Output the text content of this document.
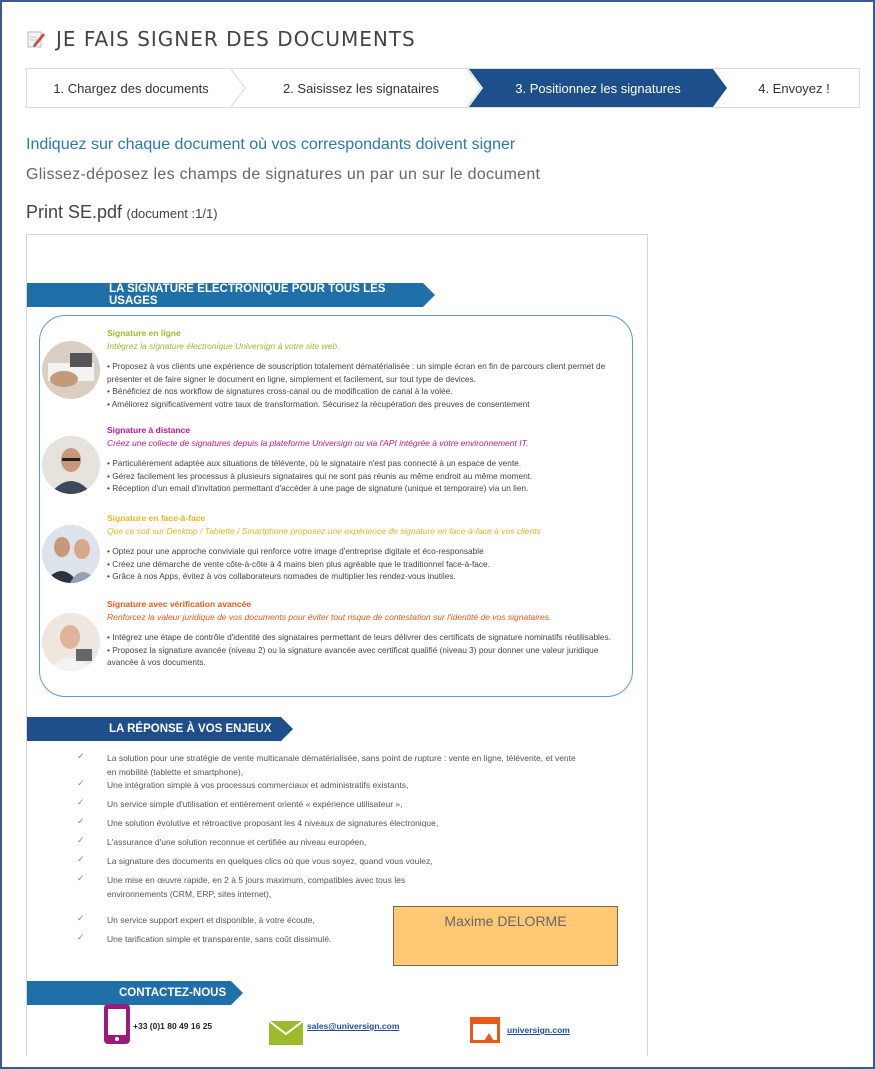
JE FAIS SIGNER DES DOCUMENTS
1. Chargez des documents	2. Saisissez les signataires	3. Positionnez les signatures	4. Envoyez !
Indiquez sur chaque document où vos correspondants doivent signer
Glissez-déposez les champs de signatures un par un sur le document
Print SE.pdf (document :1/1)
LA SIGNATURE ELECTRONIQUE POUR TOUS LES USAGES
Signature en ligne
Intégrez la signature électronique Universign à votre site web.
• Proposez à vos clients une expérience de souscription totalement dématérialisée : un simple écran en fin de parcours client permet de présenter et de faire signer le document en ligne, simplement et facilement, sur tout type de devices.
• Bénéficiez de nos workflow de signatures cross-canal ou de modification de canal à la volée.
• Améliorez significativement votre taux de transformation. Sécurisez la récupération des preuves de consentement
Signature à distance
Créez une collecte de signatures depuis la plateforme Universign ou via l'API intégrée à votre environnement IT.
• Particulièrement adaptée aux situations de télévente, où le signataire n'est pas connecté à un espace de vente.
• Gérez facilement les processus à plusieurs signataires qui ne sont pas réunis au même endroit au même moment.
• Réception d'un email d'invitation permettant d'accéder à une page de signature (unique et temporaire) via un lien.
Signature en face-à-face
Que ce soit sur Desktop / Tablette / Smartphone proposez une expérience de signature en face-à-face à vos clients
• Optez pour une approche conviviale qui renforce votre image d'entreprise digitale et éco-responsable
• Créez une démarche de vente côte-à-côte à 4 mains bien plus agréable que le traditionnel face-à-face.
• Grâce à nos Apps, évitez à vos collaborateurs nomades de multiplier les rendez-vous inutiles.
Signature avec vérification avancée
Renforcez la valeur juridique de vos documents pour éviter tout risque de contestation sur l'identité de vos signataires.
• Intégrez une étape de contrôle d'identité des signataires permettant de leurs délivrer des certificats de signature nominatifs réutilisables.
• Proposez la signature avancée (niveau 2) ou la signature avancée avec certificat qualifié (niveau 3) pour donner une valeur juridique avancée à vos documents.
LA RÉPONSE À VOS ENJEUX
✓	La solution pour une stratégie de vente multicanale dématérialisée, sans point de rupture : vente en ligne, télévente, et vente en mobilité (tablette et smartphone),
✓	Une intégration simple à vos processus commerciaux et administratifs existants,
✓	Un service simple d'utilisation et entièrement orienté « expérience utilisateur »,
✓	Une solution évolutive et rétroactive proposant les 4 niveaux de signatures électronique,
✓	L'assurance d'une solution reconnue et certifiée au niveau européen,
✓	La signature des documents en quelques clics où que vous soyez, quand vous voulez,
✓	Une mise en œuvre rapide, en 2 à 5 jours maximum, compatibles avec tous les environnements (CRM, ERP, sites internet),
✓	Un service support expert et disponible, à votre écoute,
✓	Une tarification simple et transparente, sans coût dissimulé.
CONTACTEZ-NOUS
+33 (0)1 80 49 16 25	sales@universign.com	universign.com
Maxime DELORME
